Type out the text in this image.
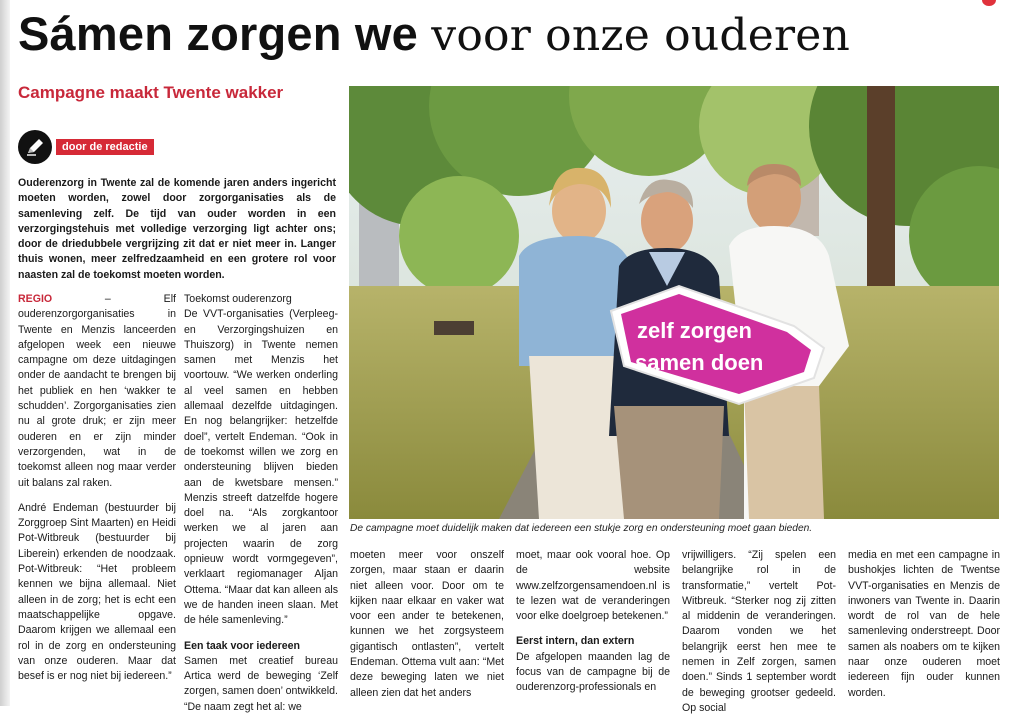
Sámen zorgen we voor onze ouderen
Campagne maakt Twente wakker
door de redactie

Ouderenzorg in Twente zal de komende jaren anders ingericht moeten worden, zowel door zorgorganisaties als de samenleving zelf. De tijd van ouder worden in een verzorgingstehuis met volledige verzorging ligt achter ons; door de driedubbele vergrijzing zit dat er niet meer in. Langer thuis wonen, meer zelfredzaamheid en een grotere rol voor naasten zal de toekomst moeten worden.

REGIO – Elf ouderenzorgorganisaties in Twente en Menzis lanceerden afgelopen week een nieuwe campagne om deze uitdagingen onder de aandacht te brengen bij het publiek en hen ‘wakker te schudden’. Zorgorganisaties zien nu al grote druk; er zijn meer ouderen en er zijn minder verzorgenden, wat in de toekomst alleen nog maar verder uit balans zal raken.

André Endeman (bestuurder bij Zorggroep Sint Maarten) en Heidi Pot-Witbreuk (bestuurder bij Liberein) erkenden de noodzaak. Pot-Witbreuk: “Het probleem kennen we bijna allemaal. Niet alleen in de zorg; het is echt een maatschappelijke opgave. Daarom krijgen we allemaal een rol in de zorg en ondersteuning van onze ouderen. Maar dat besef is er nog niet bij iedereen.”

Toekomst ouderenzorg

De VVT-organisaties (Verpleeg- en Verzorgingshuizen en Thuiszorg) in Twente nemen samen met Menzis het voortouw. “We werken onderling al veel samen en hebben allemaal dezelfde uitdagingen. En nog belangrijker: hetzelfde doel”, vertelt Endeman. “Ook in de toekomst willen we zorg en ondersteuning blijven bieden aan de kwetsbare mensen.” Menzis streeft datzelfde hogere doel na. “Als zorgkantoor werken we al jaren aan projecten waarin de zorg opnieuw wordt vormgegeven”, verklaart regiomanager Aljan Ottema. “Maar dat kan alleen als we de handen ineen slaan. Met de héle samenleving.”

Een taak voor iedereen

Samen met creatief bureau Artica werd de beweging ‘Zelf zorgen, samen doen’ ontwikkeld. “De naam zegt het al: we

zelf zorgen
samen doen
De campagne moet duidelijk maken dat iedereen een stukje zorg en ondersteuning moet gaan bieden.

moeten meer voor onszelf zorgen, maar staan er daarin niet alleen voor. Door om te kijken naar elkaar en vaker wat voor een ander te betekenen, kunnen we het zorgsysteem gigantisch ontlasten”, vertelt Endeman. Ottema vult aan: “Met deze beweging laten we niet alleen zien dat het anders

moet, maar ook vooral hoe. Op de website www.zelfzorgensamendoen.nl is te lezen wat de veranderingen voor elke doelgroep betekenen.”

Eerst intern, dan extern

De afgelopen maanden lag de focus van de campagne bij de ouderenzorg-professionals en

vrijwilligers. “Zij spelen een belangrijke rol in de transformatie,” vertelt Pot-Witbreuk. “Sterker nog zij zitten al middenin de veranderingen. Daarom vonden we het belangrijk eerst hen mee te nemen in Zelf zorgen, samen doen.” Sinds 1 september wordt de beweging grootser gedeeld. Op social

media en met een campagne in bushokjes lichten de Twentse VVT-organisaties en Menzis de inwoners van Twente in. Daarin wordt de rol van de hele samenleving onderstreept. Door samen als noabers om te kijken naar onze ouderen moet iedereen fijn ouder kunnen worden.
